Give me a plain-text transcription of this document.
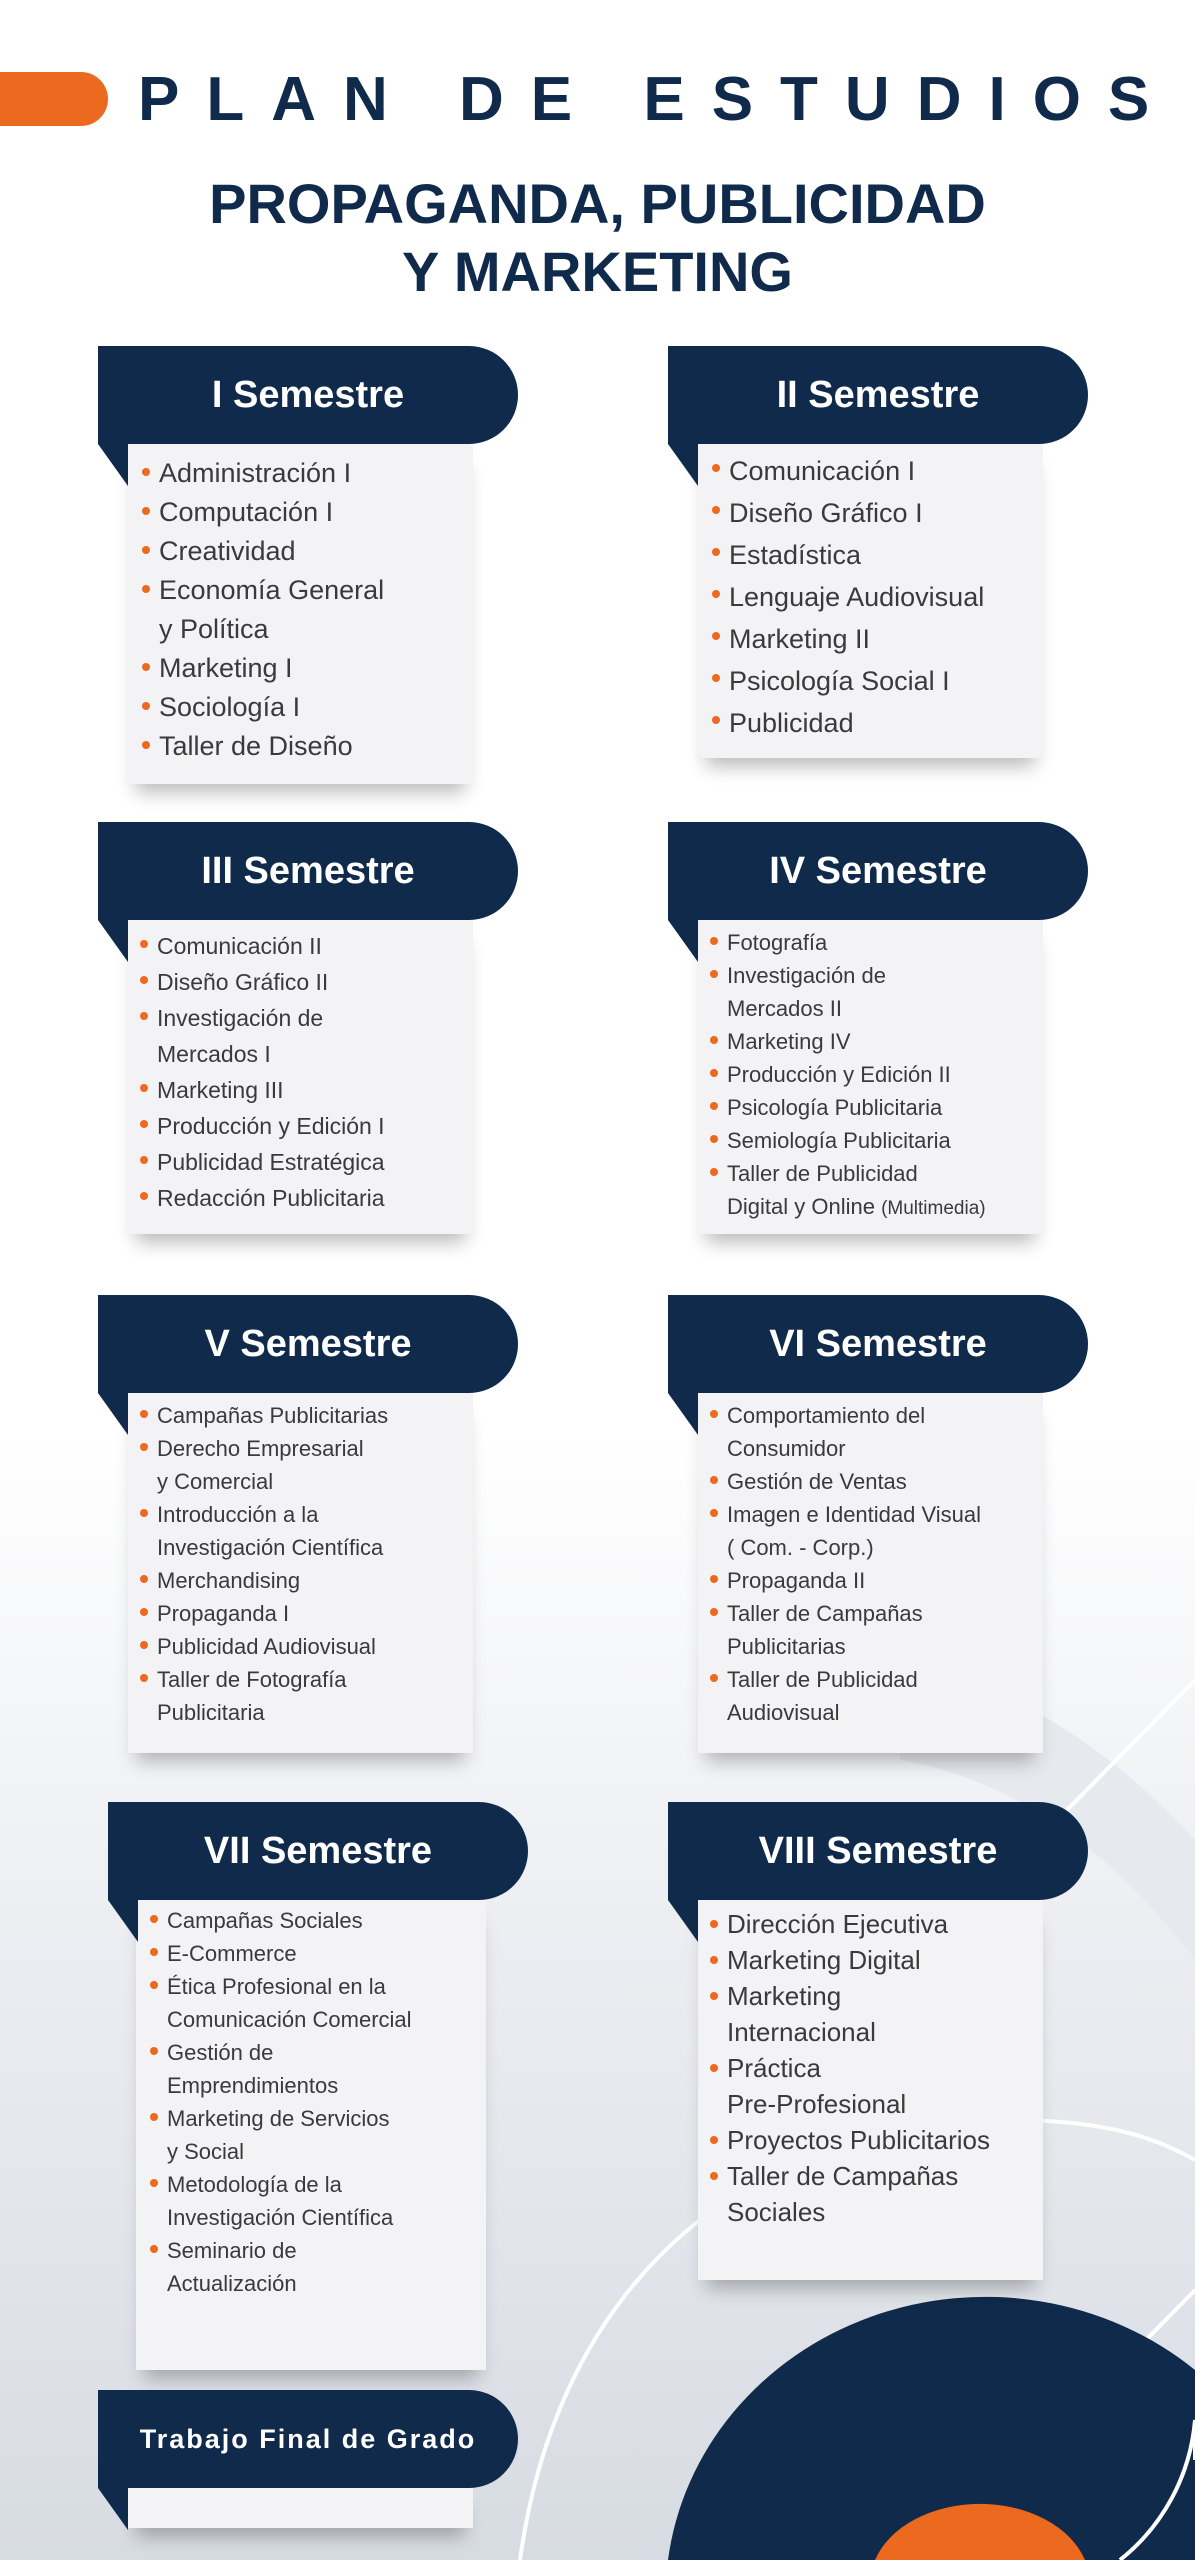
PLAN DE ESTUDIOS
PROPAGANDA, PUBLICIDAD
Y MARKETING
I Semestre
Administración I
Computación I
Creatividad
Economía General
y Política
Marketing I
Sociología I
Taller de Diseño
II Semestre
Comunicación I
Diseño Gráfico I
Estadística
Lenguaje Audiovisual
Marketing II
Psicología Social I
Publicidad
III Semestre
Comunicación II
Diseño Gráfico II
Investigación de
Mercados I
Marketing III
Producción y Edición I
Publicidad Estratégica
Redacción Publicitaria
IV Semestre
Fotografía
Investigación de
Mercados II
Marketing IV
Producción y Edición II
Psicología Publicitaria
Semiología Publicitaria
Taller de Publicidad
Digital y Online (Multimedia)
V Semestre
Campañas Publicitarias
Derecho Empresarial
y Comercial
Introducción a la
Investigación Científica
Merchandising
Propaganda I
Publicidad Audiovisual
Taller de Fotografía
Publicitaria
VI Semestre
Comportamiento del
Consumidor
Gestión de Ventas
Imagen e Identidad Visual
( Com. - Corp.)
Propaganda II
Taller de Campañas
Publicitarias
Taller de Publicidad
Audiovisual
VII Semestre
Campañas Sociales
E-Commerce
Ética Profesional en la
Comunicación Comercial
Gestión de
Emprendimientos
Marketing de Servicios
y Social
Metodología de la
Investigación Científica
Seminario de
Actualización
VIII Semestre
Dirección Ejecutiva
Marketing Digital
Marketing
Internacional
Práctica
Pre-Profesional
Proyectos Publicitarios
Taller de Campañas
Sociales
Trabajo Final de Grado
